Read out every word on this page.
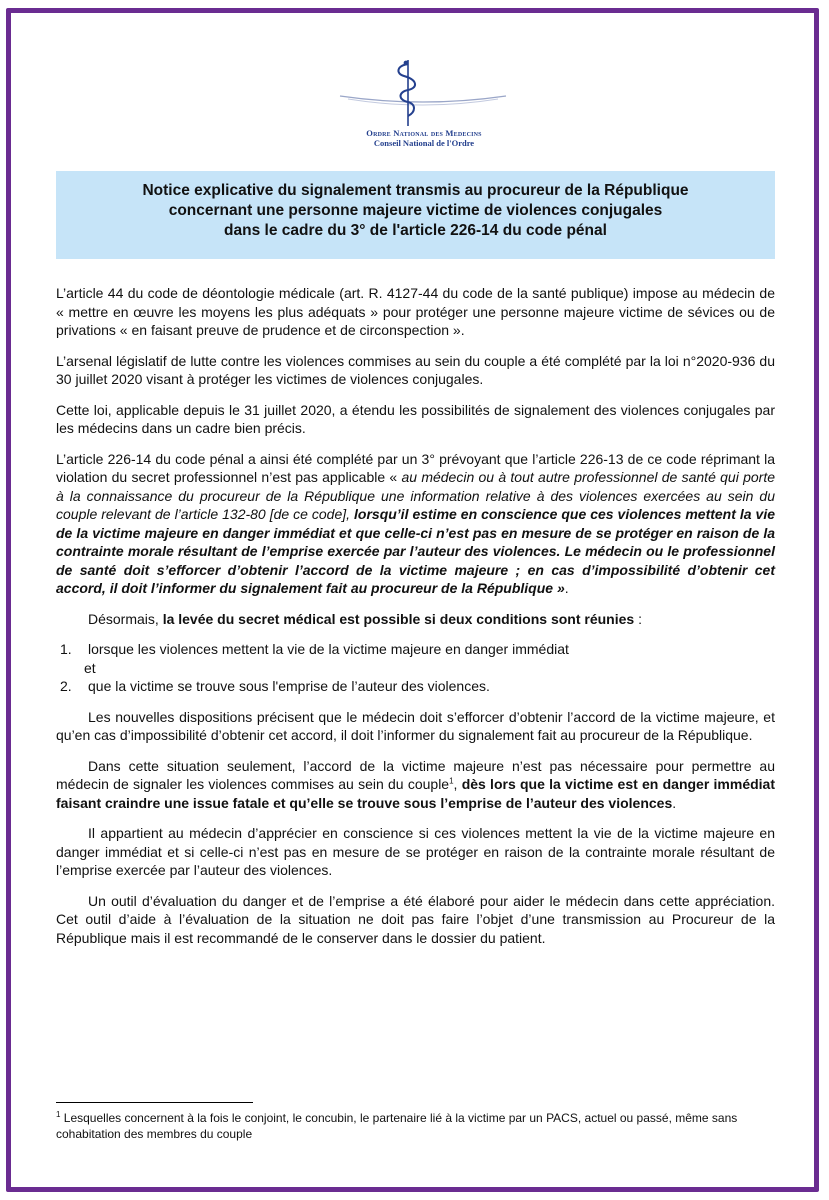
Ordre National des Medecins
Conseil National de l'Ordre
Notice explicative du signalement transmis au procureur de la République
concernant une personne majeure victime de violences conjugales
dans le cadre du 3° de l'article 226-14 du code pénal

L’article 44 du code de déontologie médicale (art. R. 4127-44 du code de la santé publique) impose au médecin de « mettre en œuvre les moyens les plus adéquats » pour protéger une personne majeure victime de sévices ou de privations « en faisant preuve de prudence et de circonspection ».

L’arsenal législatif de lutte contre les violences commises au sein du couple a été complété par la loi n°2020-936 du 30 juillet 2020 visant à protéger les victimes de violences conjugales.

Cette loi, applicable depuis le 31 juillet 2020, a étendu les possibilités de signalement des violences conjugales par les médecins dans un cadre bien précis.

L’article 226-14 du code pénal a ainsi été complété par un 3° prévoyant que l’article 226-13 de ce code réprimant la violation du secret professionnel n’est pas applicable « au médecin ou à tout autre professionnel de santé qui porte à la connaissance du procureur de la République une information relative à des violences exercées au sein du couple relevant de l’article 132-80 [de ce code], lorsqu’il estime en conscience que ces violences mettent la vie de la victime majeure en danger immédiat et que celle-ci n’est pas en mesure de se protéger en raison de la contrainte morale résultant de l’emprise exercée par l’auteur des violences. Le médecin ou le professionnel de santé doit s’efforcer d’obtenir l’accord de la victime majeure ; en cas d’impossibilité d’obtenir cet accord, il doit l’informer du signalement fait au procureur de la République ».

Désormais, la levée du secret médical est possible si deux conditions sont réunies :

1.	lorsque les violences mettent la vie de la victime majeure en danger immédiat
et
2.	que la victime se trouve sous l'emprise de l’auteur des violences.

Les nouvelles dispositions précisent que le médecin doit s’efforcer d’obtenir l’accord de la victime majeure, et qu’en cas d’impossibilité d’obtenir cet accord, il doit l’informer du signalement fait au procureur de la République.

Dans cette situation seulement, l’accord de la victime majeure n’est pas nécessaire pour permettre au médecin de signaler les violences commises au sein du couple$^1$, dès lors que la victime est en danger immédiat faisant craindre une issue fatale et qu’elle se trouve sous l’emprise de l’auteur des violences.

Il appartient au médecin d’apprécier en conscience si ces violences mettent la vie de la victime majeure en danger immédiat et si celle-ci n’est pas en mesure de se protéger en raison de la contrainte morale résultant de l’emprise exercée par l’auteur des violences.

Un outil d’évaluation du danger et de l’emprise a été élaboré pour aider le médecin dans cette appréciation. Cet outil d’aide à l’évaluation de la situation ne doit pas faire l’objet d’une transmission au Procureur de la République mais il est recommandé de le conserver dans le dossier du patient.

$^1$ Lesquelles concernent à la fois le conjoint, le concubin, le partenaire lié à la victime par un PACS, actuel ou passé, même sans cohabitation des membres du couple
